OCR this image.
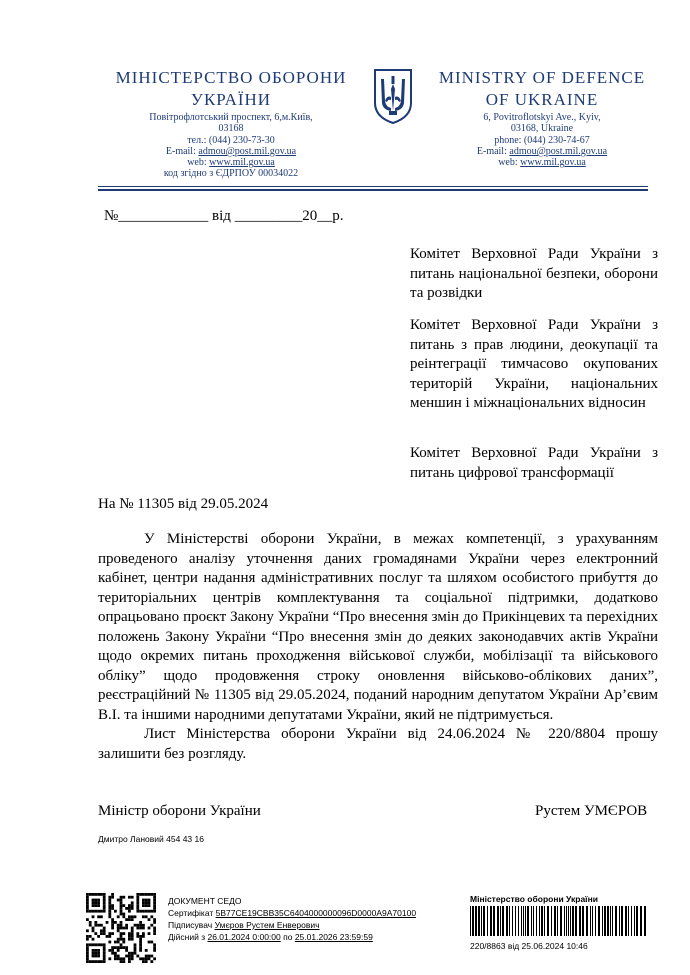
МІНІСТЕРСТВО ОБОРОНИ
УКРАЇНИ
Повітрофлотський проспект, 6,м.Київ,
03168
тел.: (044) 230-73-30
E-mail: admou@post.mil.gov.ua
web: www.mil.gov.ua
код згідно з ЄДРПОУ 00034022
MINISTRY OF DEFENCE
OF UKRAINE
6, Povitroflotskyi Ave., Kyiv,
03168, Ukraine
phone: (044) 230-74-67
E-mail: admou@post.mil.gov.ua
web: www.mil.gov.ua
№____________ від _________20__р.
Комітет Верховної Ради України з питань національної безпеки, оборони та розвідки
Комітет Верховної Ради України з питань з прав людини, деокупації та реінтеграції тимчасово окупованих територій України, національних меншин і міжнаціональних відносин
Комітет Верховної Ради України з питань цифрової трансформації
На № 11305 від 29.05.2024

У Міністерстві оборони України, в межах компетенції, з урахуванням проведеного аналізу уточнення даних громадянами України через електронний кабінет, центри надання адміністративних послуг та шляхом особистого прибуття до територіальних центрів комплектування та соціальної підтримки, додатково опрацьовано проєкт Закону України “Про внесення змін до Прикінцевих та перехідних положень Закону України “Про внесення змін до деяких законодавчих актів України щодо окремих питань проходження військової служби, мобілізації та військового обліку” щодо продовження строку оновлення військово-облікових даних”, реєстраційний № 11305 від 29.05.2024, поданий народним депутатом України Ар’євим В.І. та іншими народними депутатами України, який не підтримується.

Лист Міністерства оборони України від 24.06.2024 № 220/8804 прошу залишити без розгляду.

Міністр оборони України	Рустем УМЄРОВ
Дмитро Лановий 454 43 16
ДОКУМЕНТ СЕДО
Сертифікат 5B77CE19CBB35C6404000000096D0000A9A70100
Підписувач Умєров Рустем Енверович
Дійсний з 26.01.2024 0:00:00 по 25.01.2026 23:59:59
Міністерство оборони України
220/8863 від 25.06.2024 10:46
